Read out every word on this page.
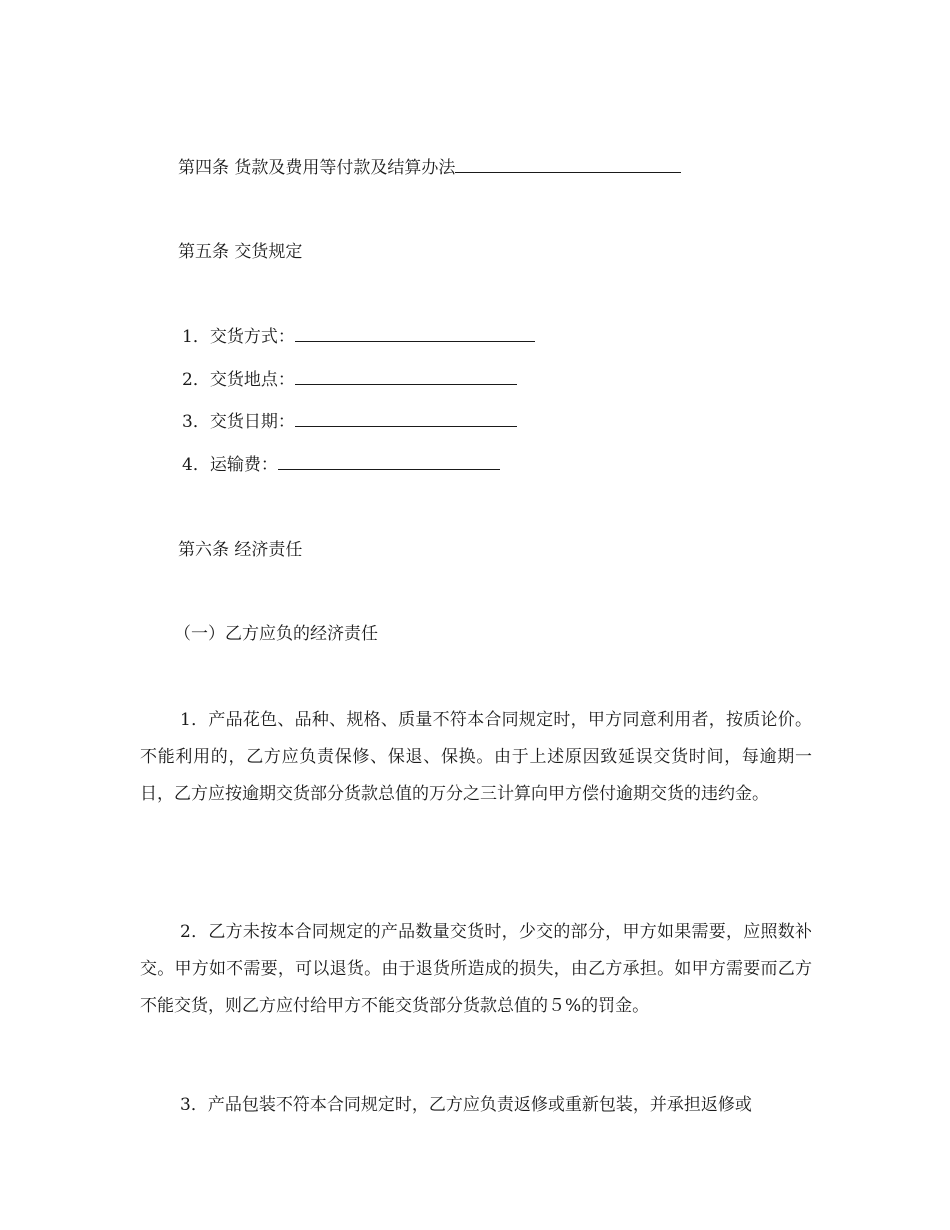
第四条 货款及费用等付款及结算办法
第五条 交货规定
1．交货方式：
2．交货地点：
3．交货日期：
4．运输费：
第六条 经济责任
（一）乙方应负的经济责任
1．产品花色、品种、规格、质量不符本合同规定时，甲方同意利用者，按质论价。不能利用的，乙方应负责保修、保退、保换。由于上述原因致延误交货时间，每逾期一日，乙方应按逾期交货部分货款总值的万分之三计算向甲方偿付逾期交货的违约金。
2．乙方未按本合同规定的产品数量交货时，少交的部分，甲方如果需要，应照数补交。甲方如不需要，可以退货。由于退货所造成的损失，由乙方承担。如甲方需要而乙方不能交货，则乙方应付给甲方不能交货部分货款总值的５%的罚金。
3．产品包装不符本合同规定时，乙方应负责返修或重新包装，并承担返修或
